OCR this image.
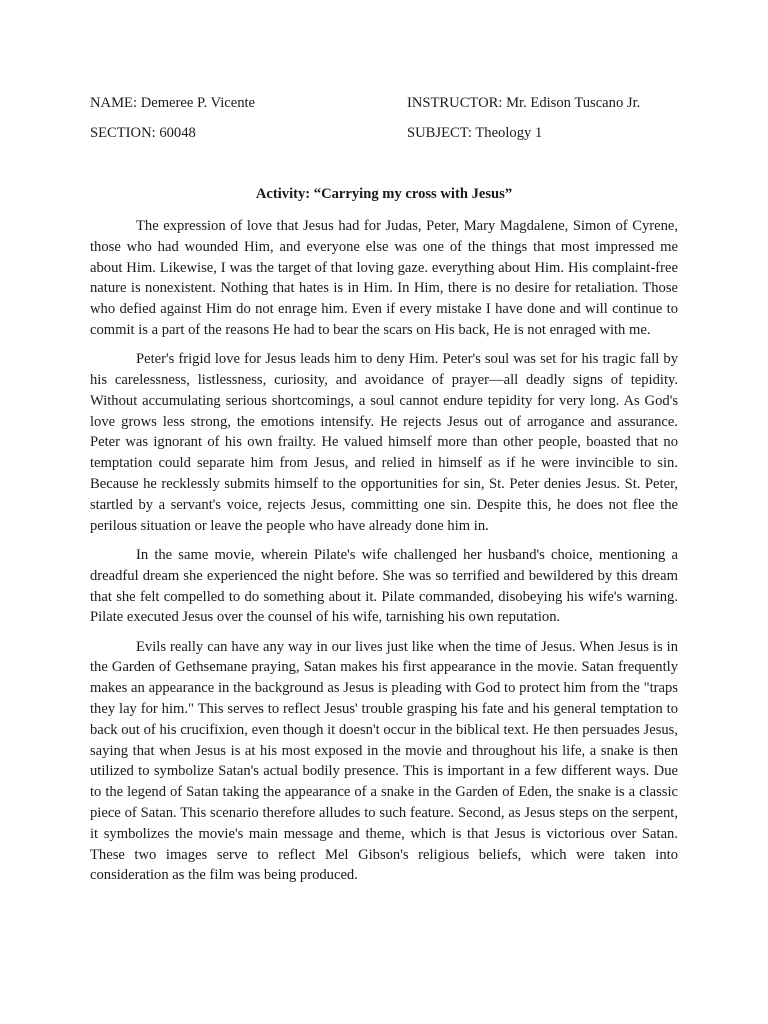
NAME: Demeree P. Vicente	INSTRUCTOR: Mr. Edison Tuscano Jr.
SECTION: 60048	SUBJECT: Theology 1
Activity: “Carrying my cross with Jesus”

The expression of love that Jesus had for Judas, Peter, Mary Magdalene, Simon of Cyrene, those who had wounded Him, and everyone else was one of the things that most impressed me about Him. Likewise, I was the target of that loving gaze. everything about Him. His complaint-free nature is nonexistent. Nothing that hates is in Him. In Him, there is no desire for retaliation. Those who defied against Him do not enrage him. Even if every mistake I have done and will continue to commit is a part of the reasons He had to bear the scars on His back, He is not enraged with me.

Peter's frigid love for Jesus leads him to deny Him. Peter's soul was set for his tragic fall by his carelessness, listlessness, curiosity, and avoidance of prayer—all deadly signs of tepidity. Without accumulating serious shortcomings, a soul cannot endure tepidity for very long. As God's love grows less strong, the emotions intensify. He rejects Jesus out of arrogance and assurance. Peter was ignorant of his own frailty. He valued himself more than other people, boasted that no temptation could separate him from Jesus, and relied in himself as if he were invincible to sin. Because he recklessly submits himself to the opportunities for sin, St. Peter denies Jesus. St. Peter, startled by a servant's voice, rejects Jesus, committing one sin. Despite this, he does not flee the perilous situation or leave the people who have already done him in.

In the same movie, wherein Pilate's wife challenged her husband's choice, mentioning a dreadful dream she experienced the night before. She was so terrified and bewildered by this dream that she felt compelled to do something about it. Pilate commanded, disobeying his wife's warning. Pilate executed Jesus over the counsel of his wife, tarnishing his own reputation.

Evils really can have any way in our lives just like when the time of Jesus. When Jesus is in the Garden of Gethsemane praying, Satan makes his first appearance in the movie. Satan frequently makes an appearance in the background as Jesus is pleading with God to protect him from the "traps they lay for him." This serves to reflect Jesus' trouble grasping his fate and his general temptation to back out of his crucifixion, even though it doesn't occur in the biblical text. He then persuades Jesus, saying that when Jesus is at his most exposed in the movie and throughout his life, a snake is then utilized to symbolize Satan's actual bodily presence. This is important in a few different ways. Due to the legend of Satan taking the appearance of a snake in the Garden of Eden, the snake is a classic piece of Satan. This scenario therefore alludes to such feature. Second, as Jesus steps on the serpent, it symbolizes the movie's main message and theme, which is that Jesus is victorious over Satan. These two images serve to reflect Mel Gibson's religious beliefs, which were taken into consideration as the film was being produced.
